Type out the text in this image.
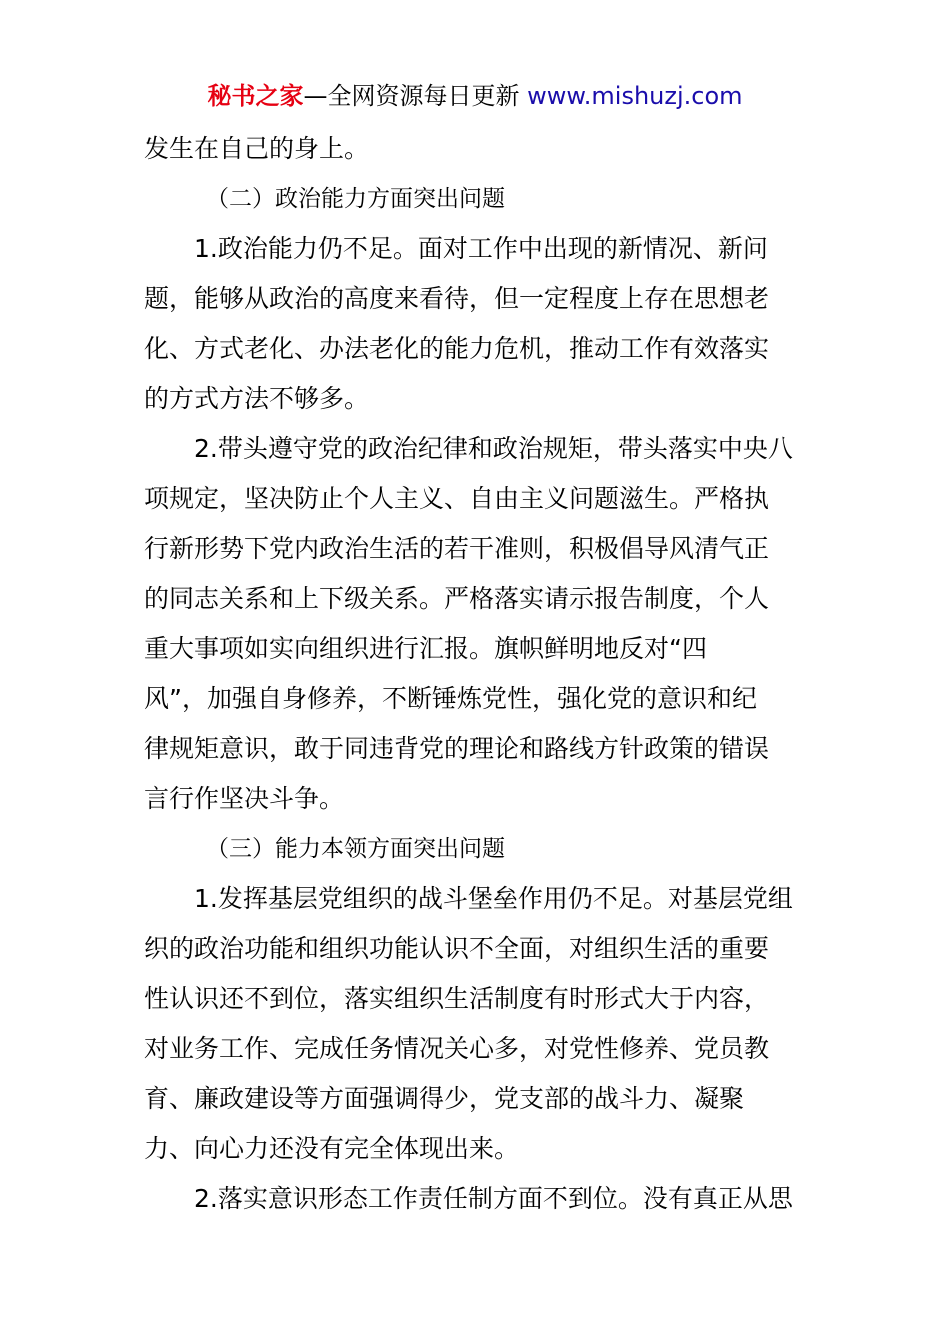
秘书之家—全网资源每日更新 www.mishuzj.com
发生在自己的身上。
（二）政治能力方面突出问题
1.政治能力仍不足。面对工作中出现的新情况、新问
题，能够从政治的高度来看待，但一定程度上存在思想老
化、方式老化、办法老化的能力危机，推动工作有效落实
的方式方法不够多。
2.带头遵守党的政治纪律和政治规矩，带头落实中央八
项规定，坚决防止个人主义、自由主义问题滋生。严格执
行新形势下党内政治生活的若干准则，积极倡导风清气正
的同志关系和上下级关系。严格落实请示报告制度，个人
重大事项如实向组织进行汇报。旗帜鲜明地反对“四
风”，加强自身修养，不断锤炼党性，强化党的意识和纪
律规矩意识，敢于同违背党的理论和路线方针政策的错误
言行作坚决斗争。
（三）能力本领方面突出问题
1.发挥基层党组织的战斗堡垒作用仍不足。对基层党组
织的政治功能和组织功能认识不全面，对组织生活的重要
性认识还不到位，落实组织生活制度有时形式大于内容，
对业务工作、完成任务情况关心多，对党性修养、党员教
育、廉政建设等方面强调得少，党支部的战斗力、凝聚
力、向心力还没有完全体现出来。
2.落实意识形态工作责任制方面不到位。没有真正从思
